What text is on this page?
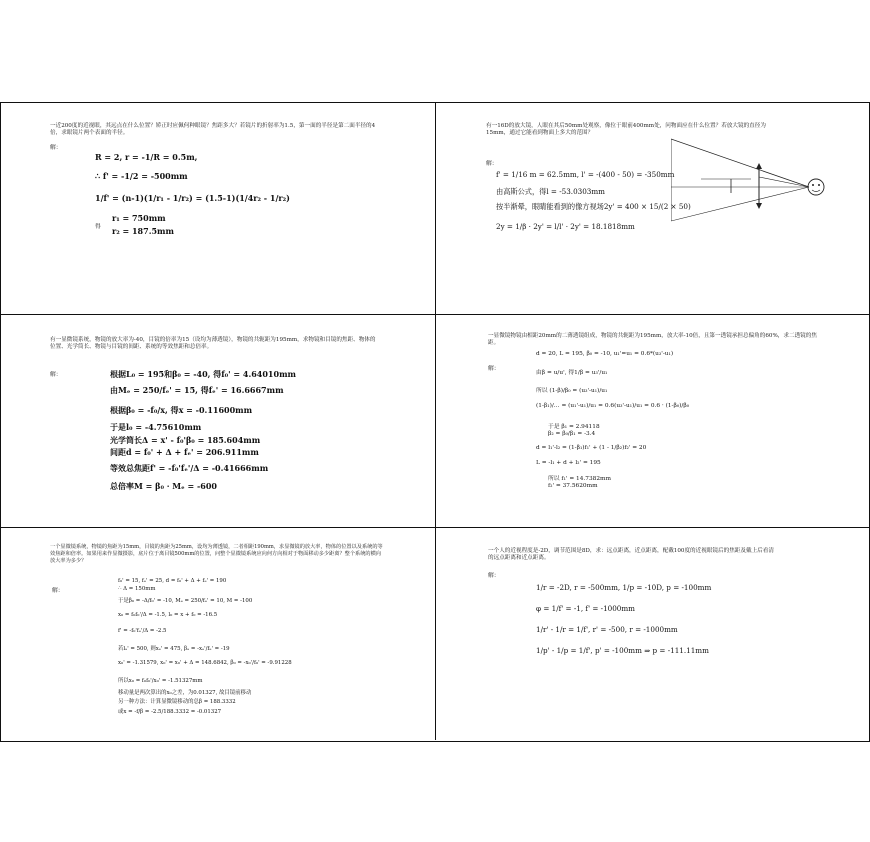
一近200度的近视眼，其远点在什么位置？矫正时应佩何种眼镜？焦距多大？若镜片的折射率为1.5，第一面的半径是第二面半径的4倍，求眼镜片两个表面的半径。
解：
R = 2, r = -1/R = 0.5m,
∴ f' = -1/2 = -500mm
1/f' = (n-1)(1/r₁ - 1/r₂) = (1.5-1)(1/4r₂ - 1/r₂)
得
r₁ = 750mm
r₂ = 187.5mm
有一16D的放大镜，人眼在其后50mm处观察，像位于眼前400mm处，问物面应在什么位置？若放大镜的直径为15mm，通过它能看到物面上多大的范围？
解：
f' = 1/16 m = 62.5mm, l' = -(400 - 50) = -350mm
由高斯公式，得l = -53.0303mm
按半渐晕，眼睛能看到的像方视场2y' = 400 × 15/(2 × 50)
2y = 1/β · 2y' = l/l' · 2y' = 18.1818mm
有一显微镜系统，物镜的放大率为-40，目镜的倍率为15（设均为薄透镜），物镜的共轭距为195mm，求物镜和目镜的焦距、物体的位置、光学筒长、物镜与目镜的间距、系统的等效焦距和总倍率。
解：	根据L₀ = 195和β₀ = -40, 得f₀' = 4.64010mm
由Mₑ = 250/fₑ' = 15, 得fₑ' = 16.6667mm
根据β₀ = -f₀/x, 得x = -0.11600mm
于是l₀ = -4.75610mm
光学筒长Δ = x' - f₀'β₀ = 185.604mm
间距d = f₀' + Δ + fₑ' = 206.911mm
等效总焦距f' = -f₀'fₑ'/Δ = -0.41666mm
总倍率M = β₀ · Mₑ = -600
一显微镜物镜由相距20mm的二薄透镜组成，物镜的共轭距为195mm，放大率-10倍，且第一透镜承担总偏角的60%，求二透镜的焦距。
解：
d = 20, L = 195, β₀ = -10, u₁'=u₁ = 0.6*(u₃'-u₁)
由β = u/u', 得1/β = u₃'/u₁
所以 (1-β)/β₀ = (u₃'-u₁)/u₁
(1-β₁)/… = (u₁'-u₁)/u₁ = 0.6(u₃'-u₁)/u₁ = 0.6 · (1-β₀)/β₀
于是 β₁ = 2.94118
β₂ = β₀/β₁ = -3.4
d = l₁'-l₂ = (1-β₁)f₁' + (1 - 1/β₂)f₂' = 20
L = -l₁ + d + l₂' = 195
所以 f₁' = 14.7382mm
f₂' = 37.5620mm
一个显微镜系统，物镜的焦距为15mm，目镜的焦距为25mm，设均为薄透镜，二者相距190mm，求显微镜的放大率，物体的位置以及系统的等效焦距和倍率。如果用来作显微摄影，底片位于离目镜500mm的位置，问整个显微镜系统应向何方向相对于物面移动多少距离？整个系统的横向放大率为多少？
解：
f₀' = 15, fₑ' = 25, d = f₀' + Δ + fₑ' = 190
∴ Δ = 150mm
于是β₀ = -Δ/f₀' = -10, Mₑ = 250/fₑ' = 10, M = -100
x₀ = f₀f₀'/Δ = -1.5, l₀ = x + f₀ = -16.5
f' = -f₀'fₑ'/Δ = -2.5
若lₑ' = 500, 则xₑ' = 475, βₑ = -xₑ'/fₑ' = -19
x₀' = -1.31579, x₀' = x₀' + Δ = 148.6842, β₀ = -x₀'/f₀' = -9.91228
所以x₀ = f₀f₀'/x₀' = -1.51327mm
移动量是两次算出的x₀之差，为0.01327, 故目镜前移动
另一种方法：计算显微镜移动的总β = 188.3332
或x = -f/β = -2.5/188.3332 = -0.01327
一个人的近视程度是-2D，调节范围是8D，求：远点距离，近点距离，配戴100度的近视眼镜后的焦距及戴上后看清的远点距离和近点距离。
解：
1/r = -2D, r = -500mm, 1/p = -10D, p = -100mm
φ = 1/f' = -1, f' = -1000mm
1/r' - 1/r = 1/f', r' = -500, r = -1000mm
1/p' - 1/p = 1/f', p' = -100mm ⇒ p = -111.11mm
